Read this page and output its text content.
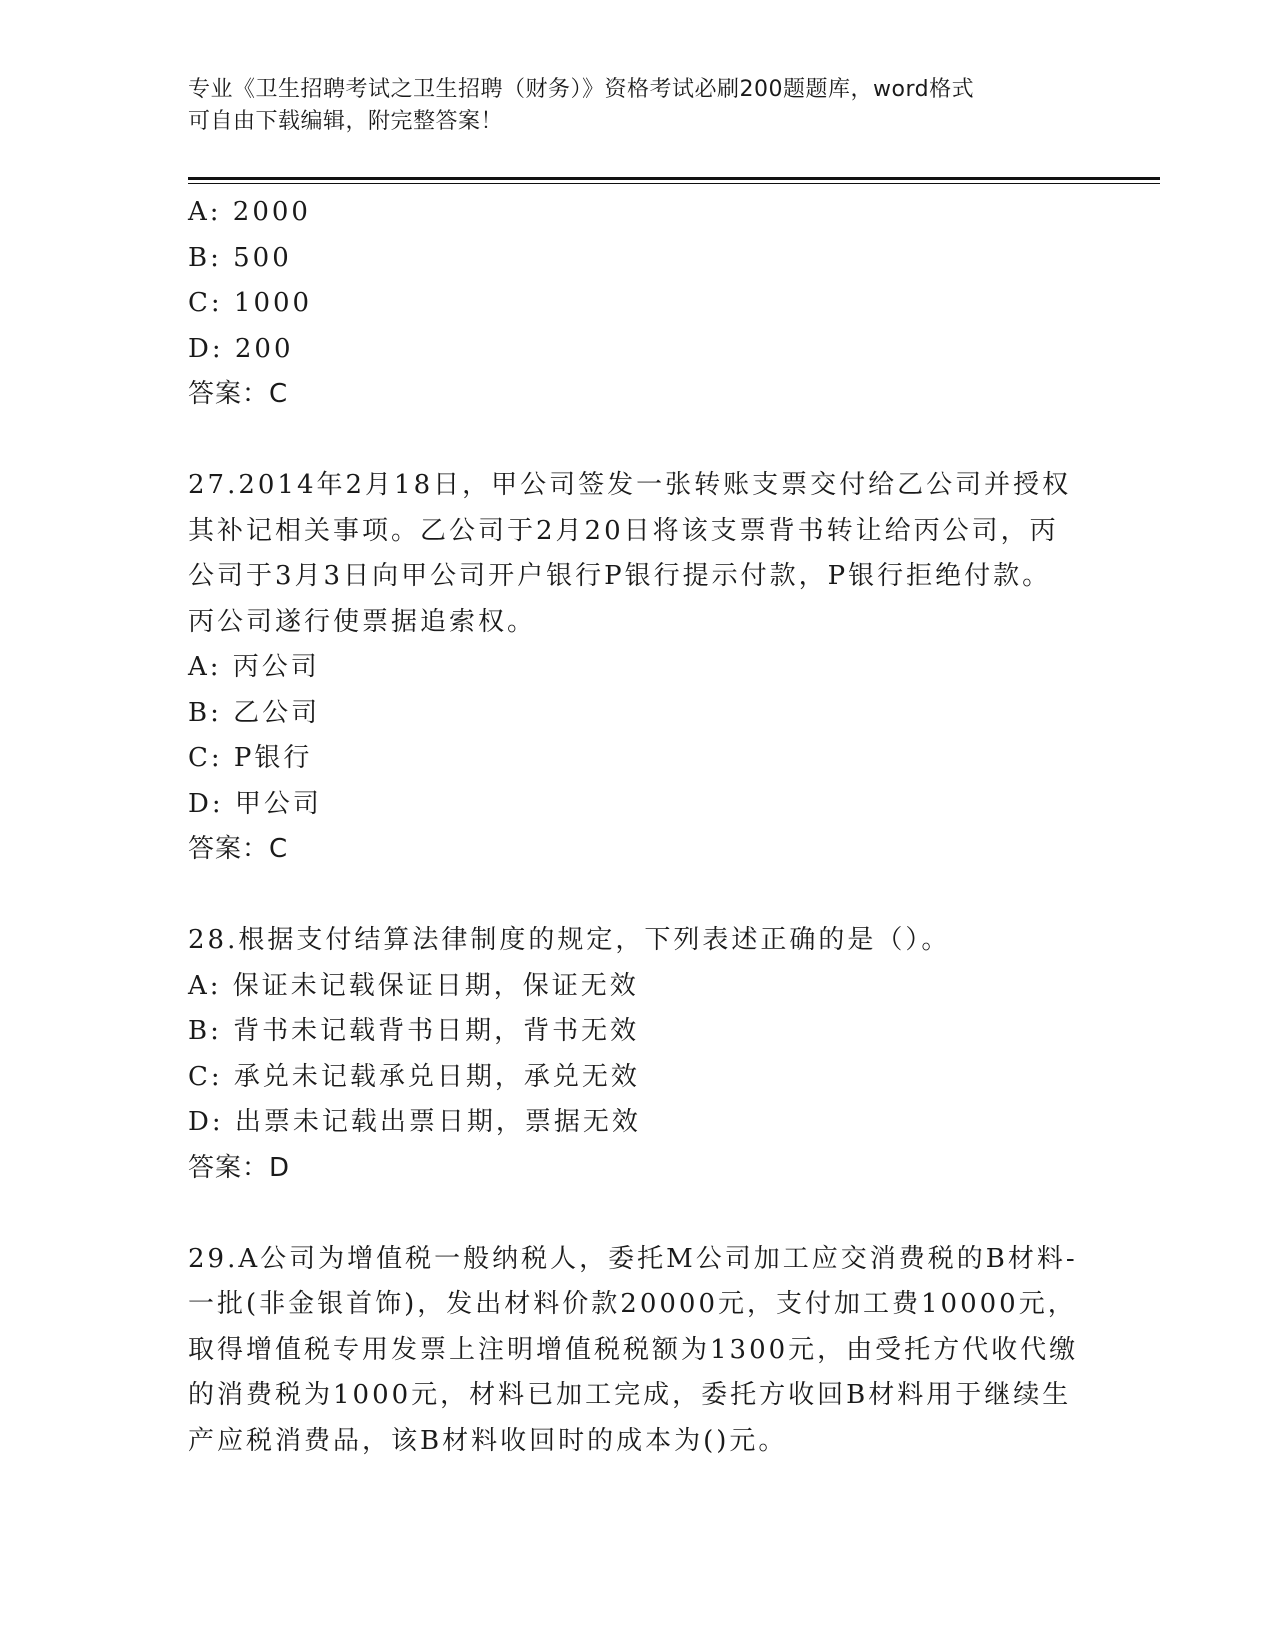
专业《卫生招聘考试之卫生招聘（财务）》资格考试必刷200题题库，word格式
可自由下载编辑，附完整答案！
A: 2000
B: 500
C: 1000
D: 200
答案：C
27.2014年2月18日，甲公司签发一张转账支票交付给乙公司并授权
其补记相关事项。乙公司于2月20日将该支票背书转让给丙公司，丙
公司于3月3日向甲公司开户银行P银行提示付款，P银行拒绝付款。
丙公司遂行使票据追索权。
A: 丙公司
B: 乙公司
C: P银行
D: 甲公司
答案：C
28.根据支付结算法律制度的规定，下列表述正确的是（）。
A: 保证未记载保证日期，保证无效
B: 背书未记载背书日期，背书无效
C: 承兑未记载承兑日期，承兑无效
D: 出票未记载出票日期，票据无效
答案：D
29.A公司为增值税一般纳税人，委托M公司加工应交消费税的B材料-
一批(非金银首饰)，发出材料价款20000元，支付加工费10000元，
取得增值税专用发票上注明增值税税额为1300元，由受托方代收代缴
的消费税为1000元，材料已加工完成，委托方收回B材料用于继续生
产应税消费品，该B材料收回时的成本为()元。
